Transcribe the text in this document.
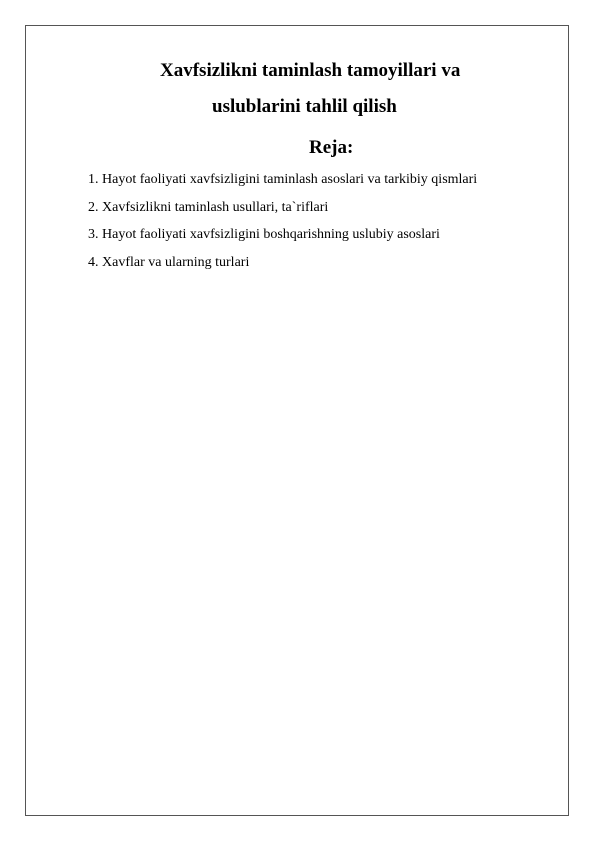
Xavfsizlikni taminlash tamoyillari va
uslublarini tahlil qilish
Reja:
1. Hayot faoliyati xavfsizligini taminlash asoslari va tarkibiy qismlari
2. Xavfsizlikni taminlash usullari, ta`riflari
3. Hayot faoliyati xavfsizligini boshqarishning uslubiy asoslari
4. Xavflar va ularning turlari
